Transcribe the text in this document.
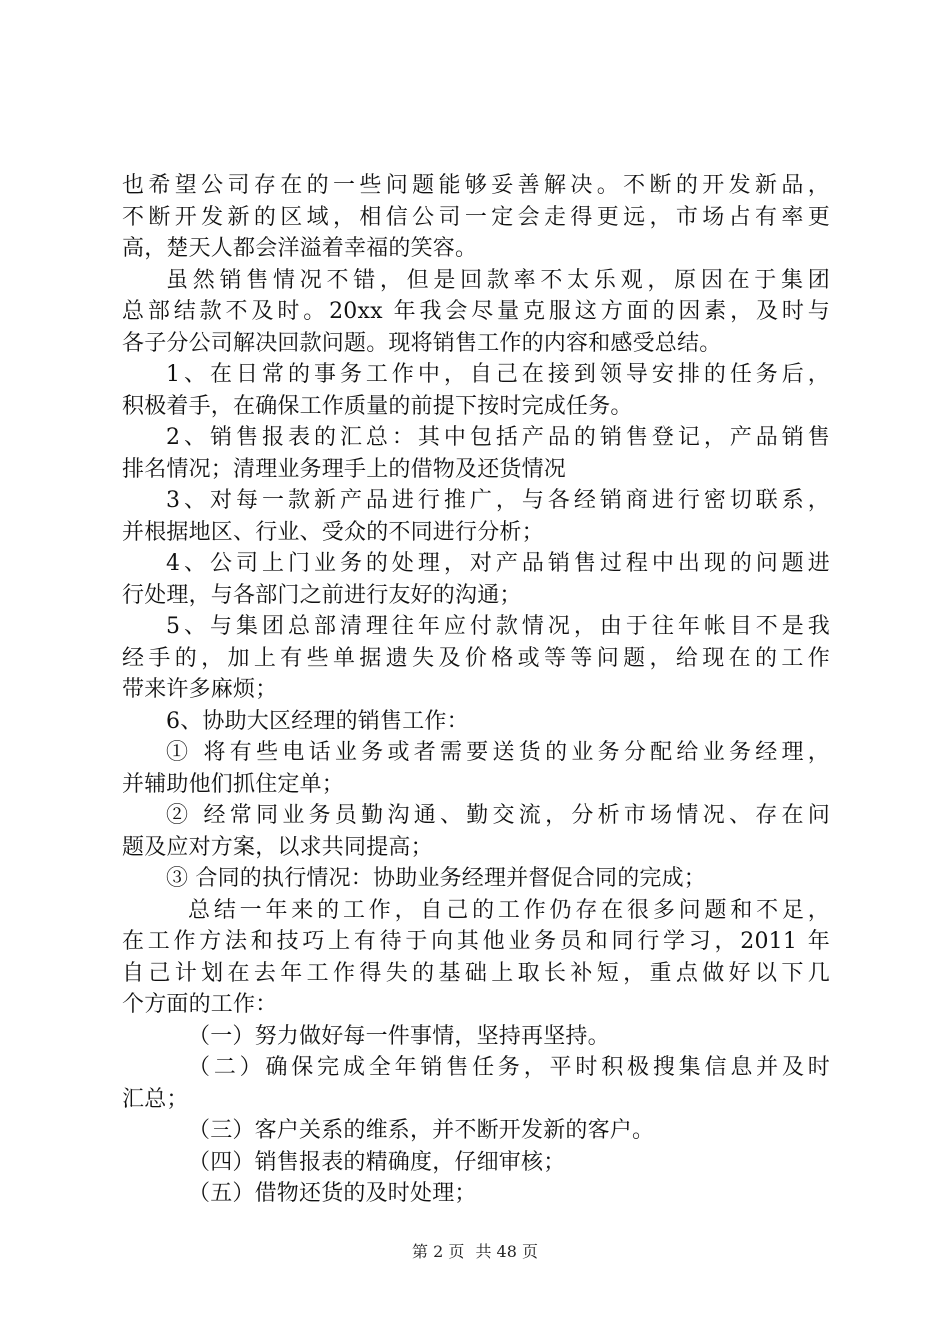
也希望公司存在的一些问题能够妥善解决。不断的开发新品，
不断开发新的区域，相信公司一定会走得更远，市场占有率更
高，楚天人都会洋溢着幸福的笑容。
虽然销售情况不错，但是回款率不太乐观，原因在于集团
总部结款不及时。20xx 年我会尽量克服这方面的因素，及时与
各子分公司解决回款问题。现将销售工作的内容和感受总结。
1、在日常的事务工作中，自己在接到领导安排的任务后，
积极着手，在确保工作质量的前提下按时完成任务。
2、销售报表的汇总：其中包括产品的销售登记，产品销售
排名情况；清理业务理手上的借物及还货情况
3、对每一款新产品进行推广，与各经销商进行密切联系，
并根据地区、行业、受众的不同进行分析；
4、公司上门业务的处理，对产品销售过程中出现的问题进
行处理，与各部门之前进行友好的沟通；
5、与集团总部清理往年应付款情况，由于往年帐目不是我
经手的，加上有些单据遗失及价格或等等问题，给现在的工作
带来许多麻烦；
6、协助大区经理的销售工作：
① 将有些电话业务或者需要送货的业务分配给业务经理，
并辅助他们抓住定单；
② 经常同业务员勤沟通、勤交流，分析市场情况、存在问
题及应对方案，以求共同提高；
③ 合同的执行情况：协助业务经理并督促合同的完成；
总结一年来的工作，自己的工作仍存在很多问题和不足，
在工作方法和技巧上有待于向其他业务员和同行学习，2011 年
自己计划在去年工作得失的基础上取长补短，重点做好以下几
个方面的工作：
（一）努力做好每一件事情，坚持再坚持。
（二）确保完成全年销售任务，平时积极搜集信息并及时
汇总；
（三）客户关系的维系，并不断开发新的客户。
（四）销售报表的精确度，仔细审核；
（五）借物还货的及时处理；
第 2 页 共 48 页
